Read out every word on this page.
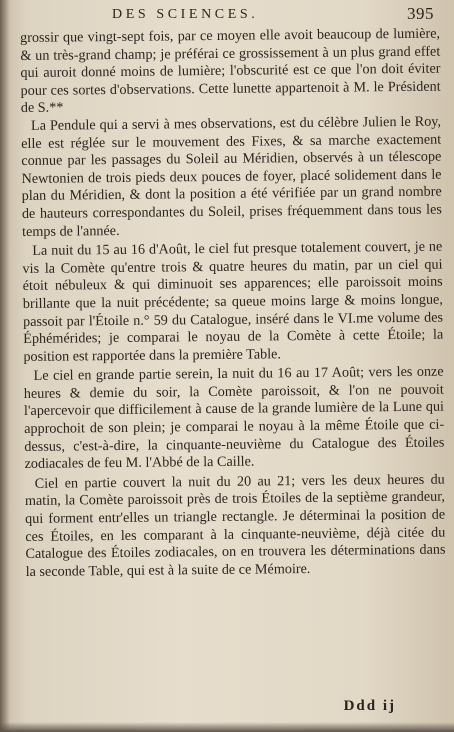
DES SCIENCES.	395

grossir que vingt-sept fois, par ce moyen elle avoit beaucoup de lumière, & un très-grand champ; je préférai ce grossissement à un plus grand effet qui auroit donné moins de lumière; l'obscurité est ce que l'on doit éviter pour ces sortes d'observations. Cette lunette appartenoit à M. le Président de S.**

La Pendule qui a servi à mes observations, est du célèbre Julien le Roy, elle est réglée sur le mouvement des Fixes, & sa marche exactement connue par les passages du Soleil au Méridien, observés à un télescope Newtonien de trois pieds deux pouces de foyer, placé solidement dans le plan du Méridien, & dont la position a été vérifiée par un grand nombre de hauteurs correspondantes du Soleil, prises fréquemment dans tous les temps de l'année.

La nuit du 15 au 16 d'Août, le ciel fut presque totalement couvert, je ne vis la Comète qu'entre trois & quatre heures du matin, par un ciel qui étoit nébuleux & qui diminuoit ses apparences; elle paroissoit moins brillante que la nuit précédente; sa queue moins large & moins longue, passoit par l'Étoile n.° 59 du Catalogue, inséré dans le VI.me volume des Éphémérides; je comparai le noyau de la Comète à cette Étoile; la position est rapportée dans la première Table.

Le ciel en grande partie serein, la nuit du 16 au 17 Août; vers les onze heures & demie du soir, la Comète paroissoit, & l'on ne pouvoit l'apercevoir que difficilement à cause de la grande lumière de la Lune qui approchoit de son plein; je comparai le noyau à la même Étoile que ci-dessus, c'est-à-dire, la cinquante-neuvième du Catalogue des Étoiles zodiacales de feu M. l'Abbé de la Caille.

Ciel en partie couvert la nuit du 20 au 21; vers les deux heures du matin, la Comète paroissoit près de trois Étoiles de la septième grandeur, qui forment entr'elles un triangle rectangle. Je déterminai la position de ces Étoiles, en les comparant à la cinquante-neuvième, déjà citée du Catalogue des Étoiles zodiacales, on en trouvera les déterminations dans la seconde Table, qui est à la suite de ce Mémoire.

Ddd ij
